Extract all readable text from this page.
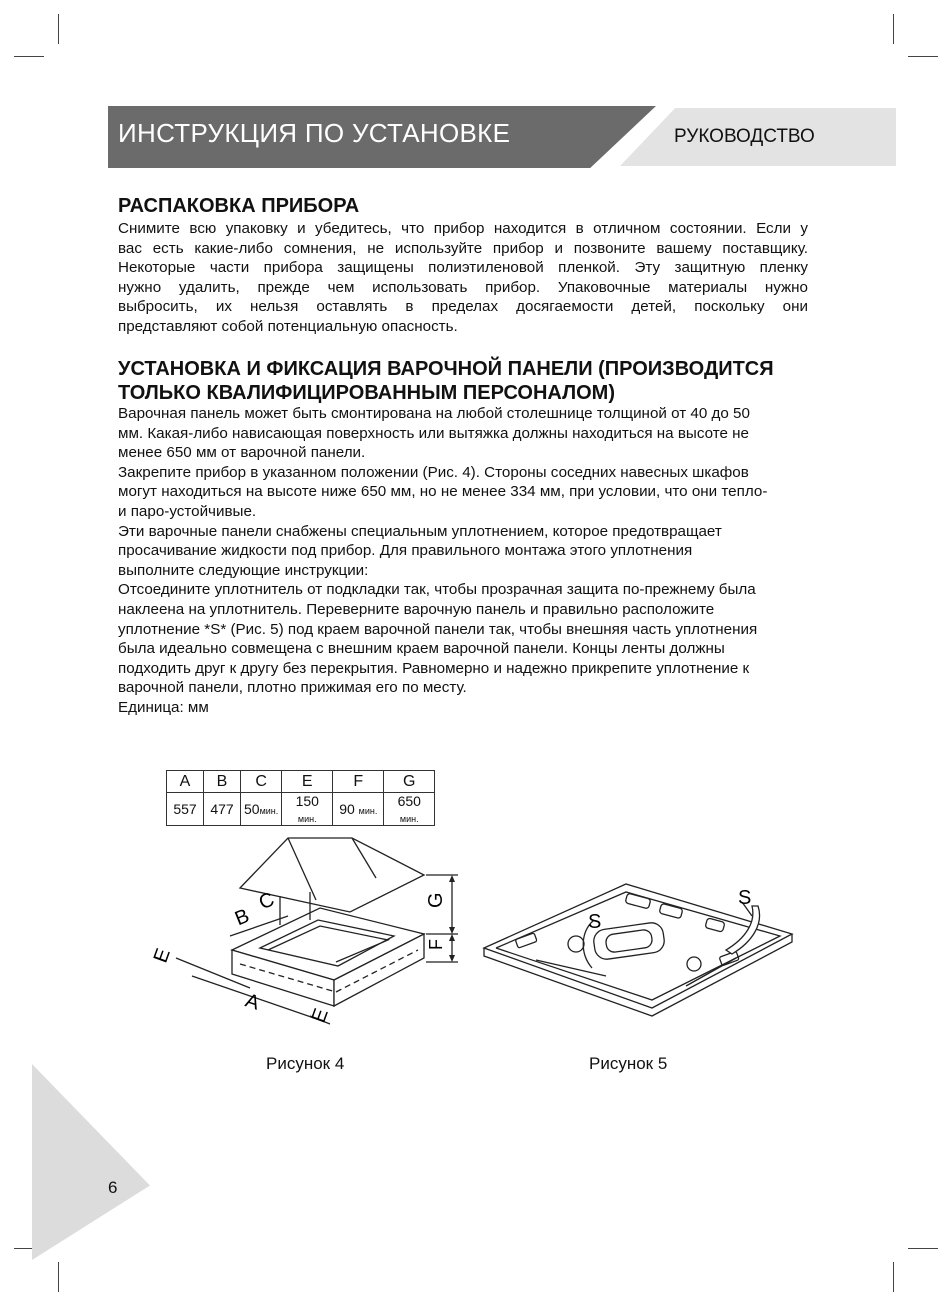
ИНСТРУКЦИЯ ПО УСТАНОВКЕ	РУКОВОДСТВО
РАСПАКОВКА ПРИБОРА
Снимите всю упаковку и убедитесь, что прибор находится в отличном состоянии. Если у
вас есть какие-либо сомнения, не используйте прибор и позвоните вашему поставщику.
Некоторые части прибора защищены полиэтиленовой пленкой. Эту защитную пленку
нужно удалить, прежде чем использовать прибор. Упаковочные материалы нужно
выбросить, их нельзя оставлять в пределах досягаемости детей, поскольку они
представляют собой потенциальную опасность.
УСТАНОВКА И ФИКСАЦИЯ ВАРОЧНОЙ ПАНЕЛИ (ПРОИЗВОДИТСЯ
ТОЛЬКО КВАЛИФИЦИРОВАННЫМ ПЕРСОНАЛОМ)
Варочная панель может быть смонтирована на любой столешнице толщиной от 40 до 50
мм. Какая-либо нависающая поверхность или вытяжка должны находиться на высоте не
менее 650 мм от варочной панели.
Закрепите прибор в указанном положении (Рис. 4). Стороны соседних навесных шкафов
могут находиться на высоте ниже 650 мм, но не менее 334 мм, при условии, что они тепло-
и паро-устойчивые.
Эти варочные панели снабжены специальным уплотнением, которое предотвращает
просачивание жидкости под прибор. Для правильного монтажа этого уплотнения
выполните следующие инструкции:
Отсоедините уплотнитель от подкладки так, чтобы прозрачная защита по-прежнему была
наклеена на уплотнитель. Переверните варочную панель и правильно расположите
уплотнение *S* (Рис. 5) под краем варочной панели так, чтобы внешняя часть уплотнения
была идеально совмещена с внешним краем варочной панели. Концы ленты должны
подходить друг к другу без перекрытия. Равномерно и надежно прикрепите уплотнение к
варочной панели, плотно прижимая его по месту.
Единица: мм
A	B	C	E	F	G
557	477	50мин.	150 мин.	90 мин.	650 мин.
G
F
A
B
C
E
E
Рисунок 4
S
S
Рисунок 5
6
